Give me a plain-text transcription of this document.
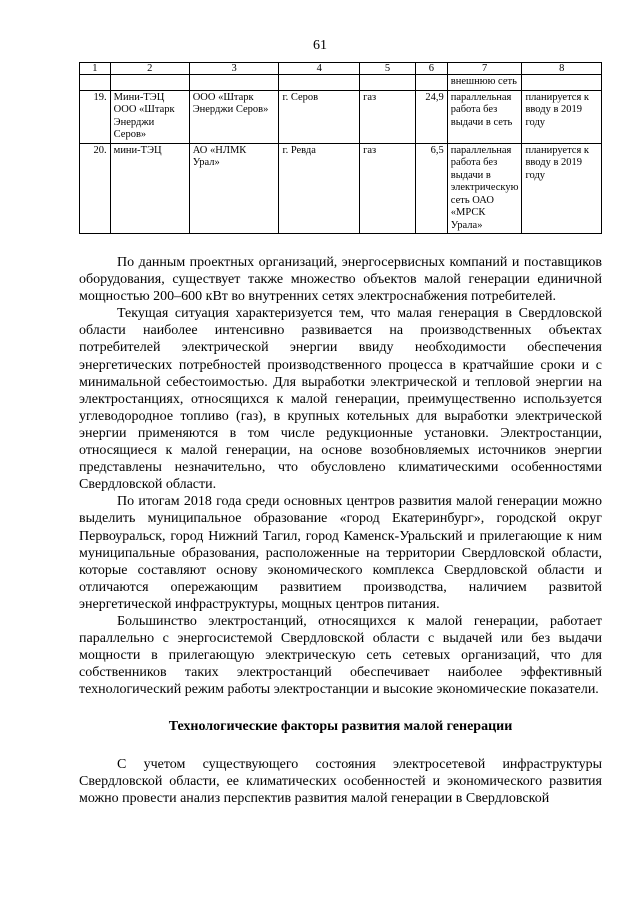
61
1	2	3	4	5	6	7	8
						внешнюю сеть	
19.	Мини-ТЭЦ ООО «Штарк Энерджи Серов»	ООО «Штарк Энерджи Серов»	г. Серов	газ	24,9	параллельная работа без выдачи в сеть	планируется к вводу в 2019 году
20.	мини-ТЭЦ	АО «НЛМК Урал»	г. Ревда	газ	6,5	параллельная работа без выдачи в электрическую сеть ОАО «МРСК Урала»	планируется к вводу в 2019 году

По данным проектных организаций, энергосервисных компаний и поставщиков оборудования, существует также множество объектов малой генерации единичной мощностью 200–600 кВт во внутренних сетях электроснабжения потребителей.

Текущая ситуация характеризуется тем, что малая генерация в Свердловской области наиболее интенсивно развивается на производственных объектах потребителей электрической энергии ввиду необходимости обеспечения энергетических потребностей производственного процесса в кратчайшие сроки и с минимальной себестоимостью. Для выработки электрической и тепловой энергии на электростанциях, относящихся к малой генерации, преимущественно используется углеводородное топливо (газ), в крупных котельных для выработки электрической энергии применяются в том числе редукционные установки. Электростанции, относящиеся к малой генерации, на основе возобновляемых источников энергии представлены незначительно, что обусловлено климатическими особенностями Свердловской области.

По итогам 2018 года среди основных центров развития малой генерации можно выделить муниципальное образование «город Екатеринбург», городской округ Первоуральск, город Нижний Тагил, город Каменск-Уральский и прилегающие к ним муниципальные образования, расположенные на территории Свердловской области, которые составляют основу экономического комплекса Свердловской области и отличаются опережающим развитием производства, наличием развитой энергетической инфраструктуры, мощных центров питания.

Большинство электростанций, относящихся к малой генерации, работает параллельно с энергосистемой Свердловской области с выдачей или без выдачи мощности в прилегающую электрическую сеть сетевых организаций, что для собственников таких электростанций обеспечивает наиболее эффективный технологический режим работы электростанции и высокие экономические показатели.

Технологические факторы развития малой генерации

С учетом существующего состояния электросетевой инфраструктуры Свердловской области, ее климатических особенностей и экономического развития можно провести анализ перспектив развития малой генерации в Свердловской
